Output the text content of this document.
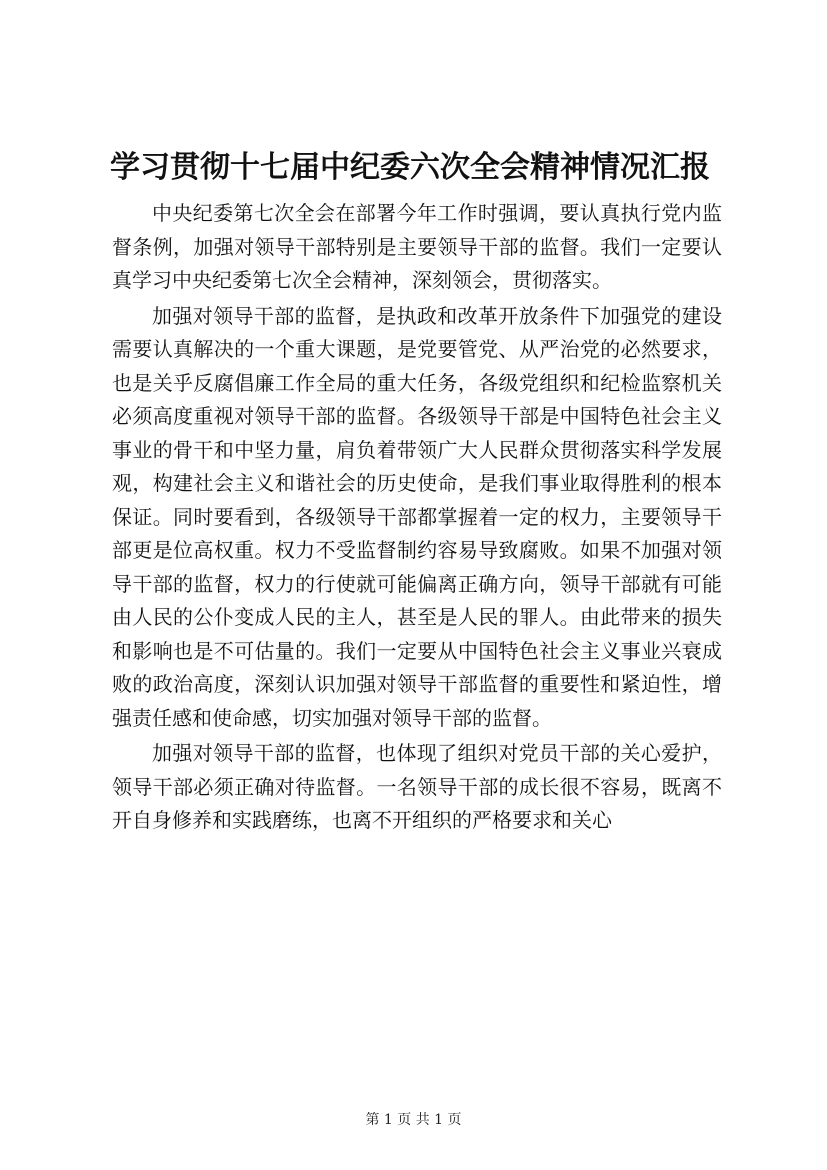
学习贯彻十七届中纪委六次全会精神情况汇报

中央纪委第七次全会在部署今年工作时强调，要认真执行党内监督条例，加强对领导干部特别是主要领导干部的监督。我们一定要认真学习中央纪委第七次全会精神，深刻领会，贯彻落实。

加强对领导干部的监督，是执政和改革开放条件下加强党的建设需要认真解决的一个重大课题，是党要管党、从严治党的必然要求，也是关乎反腐倡廉工作全局的重大任务，各级党组织和纪检监察机关必须高度重视对领导干部的监督。各级领导干部是中国特色社会主义事业的骨干和中坚力量，肩负着带领广大人民群众贯彻落实科学发展观，构建社会主义和谐社会的历史使命，是我们事业取得胜利的根本保证。同时要看到，各级领导干部都掌握着一定的权力，主要领导干部更是位高权重。权力不受监督制约容易导致腐败。如果不加强对领导干部的监督，权力的行使就可能偏离正确方向，领导干部就有可能由人民的公仆变成人民的主人，甚至是人民的罪人。由此带来的损失和影响也是不可估量的。我们一定要从中国特色社会主义事业兴衰成败的政治高度，深刻认识加强对领导干部监督的重要性和紧迫性，增强责任感和使命感，切实加强对领导干部的监督。

加强对领导干部的监督，也体现了组织对党员干部的关心爱护，领导干部必须正确对待监督。一名领导干部的成长很不容易，既离不开自身修养和实践磨练，也离不开组织的严格要求和关心

第 1 页 共 1 页
